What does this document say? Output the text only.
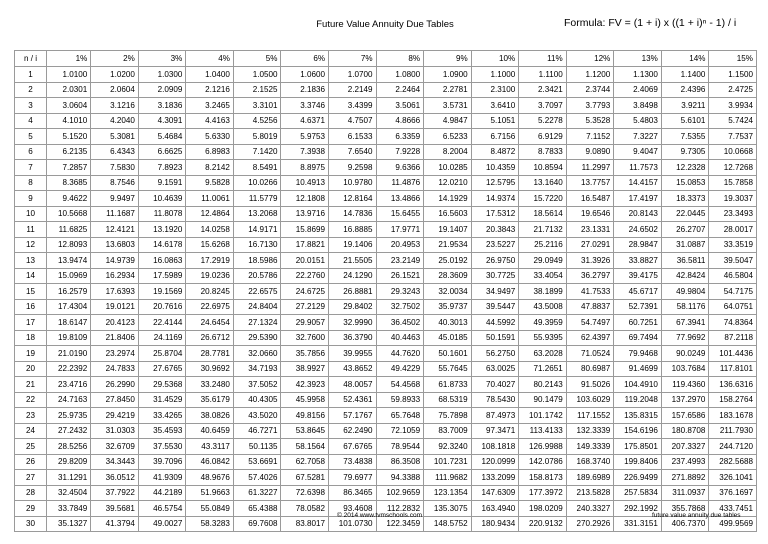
Future Value Annuity Due Tables	Formula: FV = (1 + i) x ((1 + i)ⁿ - 1) / i
n / i	1%	2%	3%	4%	5%	6%	7%	8%	9%	10%	11%	12%	13%	14%	15%
1	1.0100	1.0200	1.0300	1.0400	1.0500	1.0600	1.0700	1.0800	1.0900	1.1000	1.1100	1.1200	1.1300	1.1400	1.1500
2	2.0301	2.0604	2.0909	2.1216	2.1525	2.1836	2.2149	2.2464	2.2781	2.3100	2.3421	2.3744	2.4069	2.4396	2.4725
3	3.0604	3.1216	3.1836	3.2465	3.3101	3.3746	3.4399	3.5061	3.5731	3.6410	3.7097	3.7793	3.8498	3.9211	3.9934
4	4.1010	4.2040	4.3091	4.4163	4.5256	4.6371	4.7507	4.8666	4.9847	5.1051	5.2278	5.3528	5.4803	5.6101	5.7424
5	5.1520	5.3081	5.4684	5.6330	5.8019	5.9753	6.1533	6.3359	6.5233	6.7156	6.9129	7.1152	7.3227	7.5355	7.7537
6	6.2135	6.4343	6.6625	6.8983	7.1420	7.3938	7.6540	7.9228	8.2004	8.4872	8.7833	9.0890	9.4047	9.7305	10.0668
7	7.2857	7.5830	7.8923	8.2142	8.5491	8.8975	9.2598	9.6366	10.0285	10.4359	10.8594	11.2997	11.7573	12.2328	12.7268
8	8.3685	8.7546	9.1591	9.5828	10.0266	10.4913	10.9780	11.4876	12.0210	12.5795	13.1640	13.7757	14.4157	15.0853	15.7858
9	9.4622	9.9497	10.4639	11.0061	11.5779	12.1808	12.8164	13.4866	14.1929	14.9374	15.7220	16.5487	17.4197	18.3373	19.3037
10	10.5668	11.1687	11.8078	12.4864	13.2068	13.9716	14.7836	15.6455	16.5603	17.5312	18.5614	19.6546	20.8143	22.0445	23.3493
11	11.6825	12.4121	13.1920	14.0258	14.9171	15.8699	16.8885	17.9771	19.1407	20.3843	21.7132	23.1331	24.6502	26.2707	28.0017
12	12.8093	13.6803	14.6178	15.6268	16.7130	17.8821	19.1406	20.4953	21.9534	23.5227	25.2116	27.0291	28.9847	31.0887	33.3519
13	13.9474	14.9739	16.0863	17.2919	18.5986	20.0151	21.5505	23.2149	25.0192	26.9750	29.0949	31.3926	33.8827	36.5811	39.5047
14	15.0969	16.2934	17.5989	19.0236	20.5786	22.2760	24.1290	26.1521	28.3609	30.7725	33.4054	36.2797	39.4175	42.8424	46.5804
15	16.2579	17.6393	19.1569	20.8245	22.6575	24.6725	26.8881	29.3243	32.0034	34.9497	38.1899	41.7533	45.6717	49.9804	54.7175
16	17.4304	19.0121	20.7616	22.6975	24.8404	27.2129	29.8402	32.7502	35.9737	39.5447	43.5008	47.8837	52.7391	58.1176	64.0751
17	18.6147	20.4123	22.4144	24.6454	27.1324	29.9057	32.9990	36.4502	40.3013	44.5992	49.3959	54.7497	60.7251	67.3941	74.8364
18	19.8109	21.8406	24.1169	26.6712	29.5390	32.7600	36.3790	40.4463	45.0185	50.1591	55.9395	62.4397	69.7494	77.9692	87.2118
19	21.0190	23.2974	25.8704	28.7781	32.0660	35.7856	39.9955	44.7620	50.1601	56.2750	63.2028	71.0524	79.9468	90.0249	101.4436
20	22.2392	24.7833	27.6765	30.9692	34.7193	38.9927	43.8652	49.4229	55.7645	63.0025	71.2651	80.6987	91.4699	103.7684	117.8101
21	23.4716	26.2990	29.5368	33.2480	37.5052	42.3923	48.0057	54.4568	61.8733	70.4027	80.2143	91.5026	104.4910	119.4360	136.6316
22	24.7163	27.8450	31.4529	35.6179	40.4305	45.9958	52.4361	59.8933	68.5319	78.5430	90.1479	103.6029	119.2048	137.2970	158.2764
23	25.9735	29.4219	33.4265	38.0826	43.5020	49.8156	57.1767	65.7648	75.7898	87.4973	101.1742	117.1552	135.8315	157.6586	183.1678
24	27.2432	31.0303	35.4593	40.6459	46.7271	53.8645	62.2490	72.1059	83.7009	97.3471	113.4133	132.3339	154.6196	180.8708	211.7930
25	28.5256	32.6709	37.5530	43.3117	50.1135	58.1564	67.6765	78.9544	92.3240	108.1818	126.9988	149.3339	175.8501	207.3327	244.7120
26	29.8209	34.3443	39.7096	46.0842	53.6691	62.7058	73.4838	86.3508	101.7231	120.0999	142.0786	168.3740	199.8406	237.4993	282.5688
27	31.1291	36.0512	41.9309	48.9676	57.4026	67.5281	79.6977	94.3388	111.9682	133.2099	158.8173	189.6989	226.9499	271.8892	326.1041
28	32.4504	37.7922	44.2189	51.9663	61.3227	72.6398	86.3465	102.9659	123.1354	147.6309	177.3972	213.5828	257.5834	311.0937	376.1697
29	33.7849	39.5681	46.5754	55.0849	65.4388	78.0582	93.4608	112.2832	135.3075	163.4940	198.0209	240.3327	292.1992	355.7868	433.7451
30	35.1327	41.3794	49.0027	58.3283	69.7608	83.8017	101.0730	122.3459	148.5752	180.9434	220.9132	270.2926	331.3151	406.7370	499.9569
© 2014 www.tvmschools.com	future value annuity due tables
